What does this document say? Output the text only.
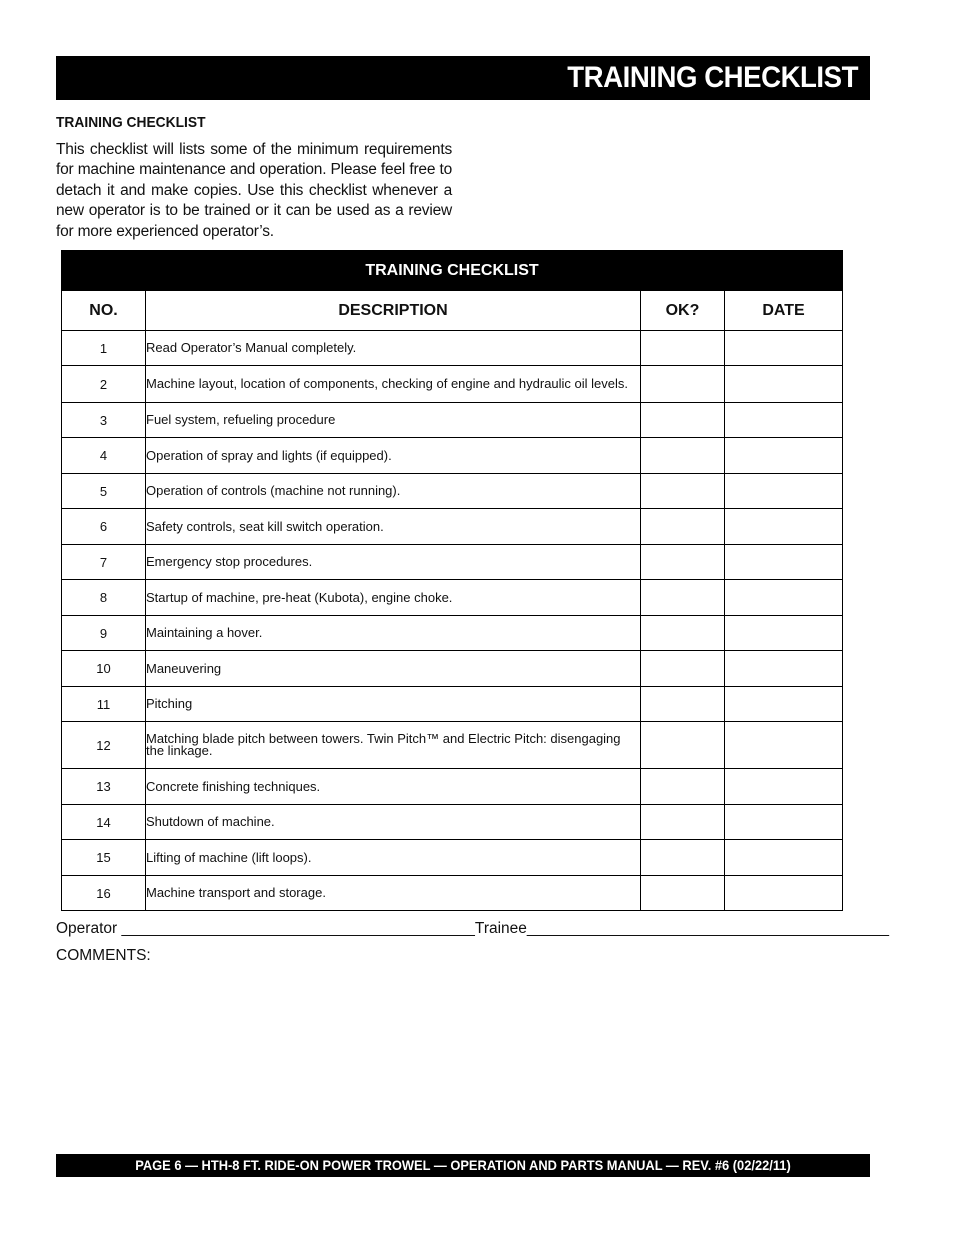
TRAINING CHECKLIST
TRAINING CHECKLIST
This checklist will lists some of the minimum requirements for machine maintenance and operation. Please feel free to detach it and make copies. Use this checklist whenever a new operator is to be trained or it can be used as a review for more experienced operator’s.
TRAINING CHECKLIST			
NO.	DESCRIPTION	OK?	DATE
1	Read Operator’s Manual completely.		
2	Machine layout, location of components, checking of engine and hydraulic oil levels.		
3	Fuel system, refueling procedure		
4	Operation of spray and lights (if equipped).		
5	Operation of controls (machine not running).		
6	Safety controls, seat kill switch operation.		
7	Emergency stop procedures.		
8	Startup of machine, pre-heat (Kubota), engine choke.		
9	Maintaining a hover.		
10	Maneuvering		
11	Pitching		
12	Matching blade pitch between towers. Twin Pitch™ and Electric Pitch: disengaging the linkage.		
13	Concrete finishing techniques.		
14	Shutdown of machine.		
15	Lifting of machine (lift loops).		
16	Machine transport and storage.		
Operator _________________________________________Trainee__________________________________________
COMMENTS:
PAGE 6 — HTH-8 FT. RIDE-ON POWER TROWEL — OPERATION AND PARTS MANUAL — REV. #6 (02/22/11)
